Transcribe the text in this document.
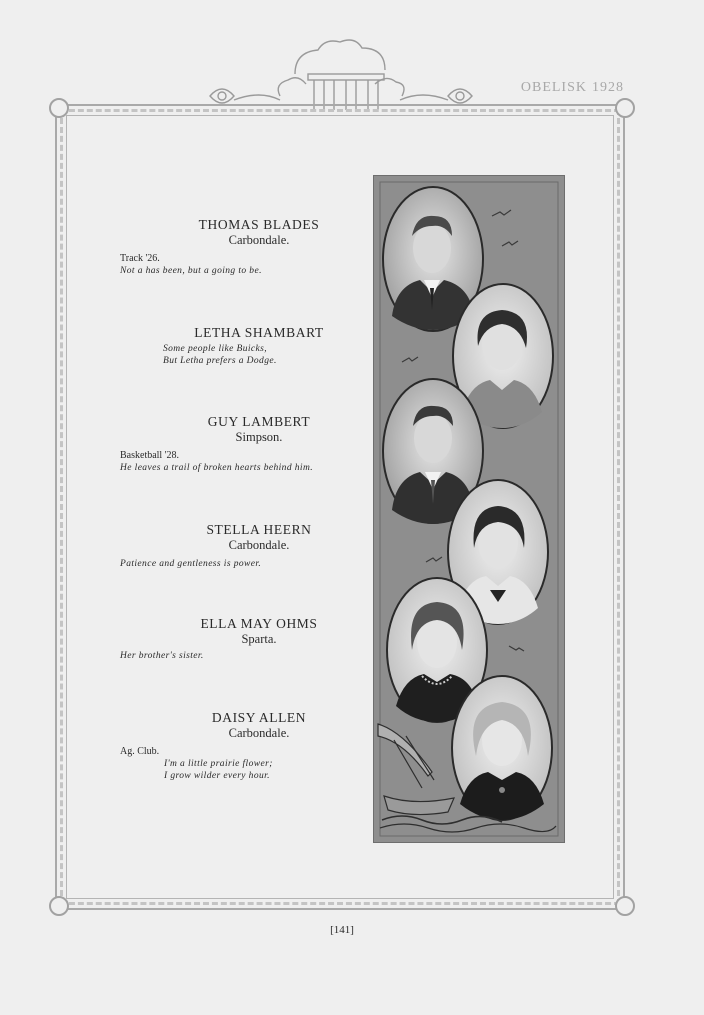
OBELISK 1928
THOMAS BLADES
Carbondale.
Track '26.
Not a has been, but a going to be.
LETHA SHAMBART
Some people like Buicks,
But Letha prefers a Dodge.
GUY LAMBERT
Simpson.
Basketball '28.
He leaves a trail of broken hearts behind him.
STELLA HEERN
Carbondale.
Patience and gentleness is power.
ELLA MAY OHMS
Sparta.
Her brother's sister.
DAISY ALLEN
Carbondale.
Ag. Club.
I'm a little prairie flower;
I grow wilder every hour.
[141]
